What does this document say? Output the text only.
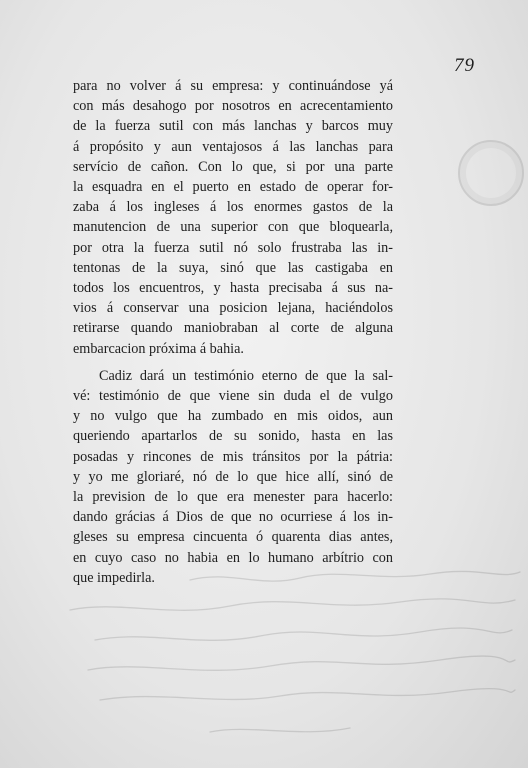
79

para no volver á su empresa: y continuándose yá
con más desahogo por nosotros en acrecentamiento
de la fuerza sutil con más lanchas y barcos muy
á propósito y aun ventajosos á las lanchas para
servício de cañon. Con lo que, si por una parte
la esquadra en el puerto en estado de operar for-
zaba á los ingleses á los enormes gastos de la
manutencion de una superior con que bloquearla,
por otra la fuerza sutil nó solo frustraba las in-
tentonas de la suya, sinó que las castigaba en
todos los encuentros, y hasta precisaba á sus na-
vios á conservar una posicion lejana, haciéndolos
retirarse quando maniobraban al corte de alguna
embarcacion próxima á bahia.

Cadiz dará un testimónio eterno de que la sal-
vé: testimónio de que viene sin duda el de vulgo
y no vulgo que ha zumbado en mis oidos, aun
queriendo apartarlos de su sonido, hasta en las
posadas y rincones de mis tránsitos por la pátria:
y yo me gloriaré, nó de lo que hice allí, sinó de
la prevision de lo que era menester para hacerlo:
dando grácias á Dios de que no ocurriese á los in-
gleses su empresa cincuenta ó quarenta dias antes,
en cuyo caso no habia en lo humano arbítrio con
que impedirla.
